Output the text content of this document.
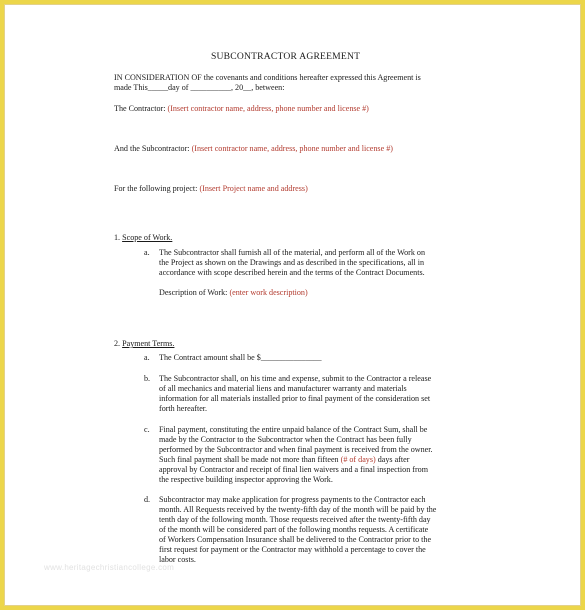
SUBCONTRACTOR AGREEMENT
IN CONSIDERATION OF the covenants and conditions hereafter expressed this Agreement is
made This_____day of __________, 20__, between:
The Contractor: (Insert contractor name, address, phone number and license #)
And the Subcontractor: (Insert contractor name, address, phone number and license #)
For the following project: (Insert Project name and address)
1. Scope of Work.
a. The Subcontractor shall furnish all of the material, and perform all of the Work on
the Project as shown on the Drawings and as described in the specifications, all in
accordance with scope described herein and the terms of the Contract Documents.
Description of Work: (enter work description)
2. Payment Terms.
a. The Contract amount shall be $_______________
b. The Subcontractor shall, on his time and expense, submit to the Contractor a release
of all mechanics and material liens and manufacturer warranty and materials
information for all materials installed prior to final payment of the consideration set
forth hereafter.
c. Final payment, constituting the entire unpaid balance of the Contract Sum, shall be
made by the Contractor to the Subcontractor when the Contract has been fully
performed by the Subcontractor and when final payment is received from the owner.
Such final payment shall be made not more than fifteen (# of days) days after
approval by Contractor and receipt of final lien waivers and a final inspection from
the respective building inspector approving the Work.
d. Subcontractor may make application for progress payments to the Contractor each
month. All Requests received by the twenty-fifth day of the month will be paid by the
tenth day of the following month. Those requests received after the twenty-fifth day
of the month will be considered part of the following months requests. A certificate
of Workers Compensation Insurance shall be delivered to the Contractor prior to the
first request for payment or the Contractor may withhold a percentage to cover the
labor costs.
www.heritagechristiancollege.com
